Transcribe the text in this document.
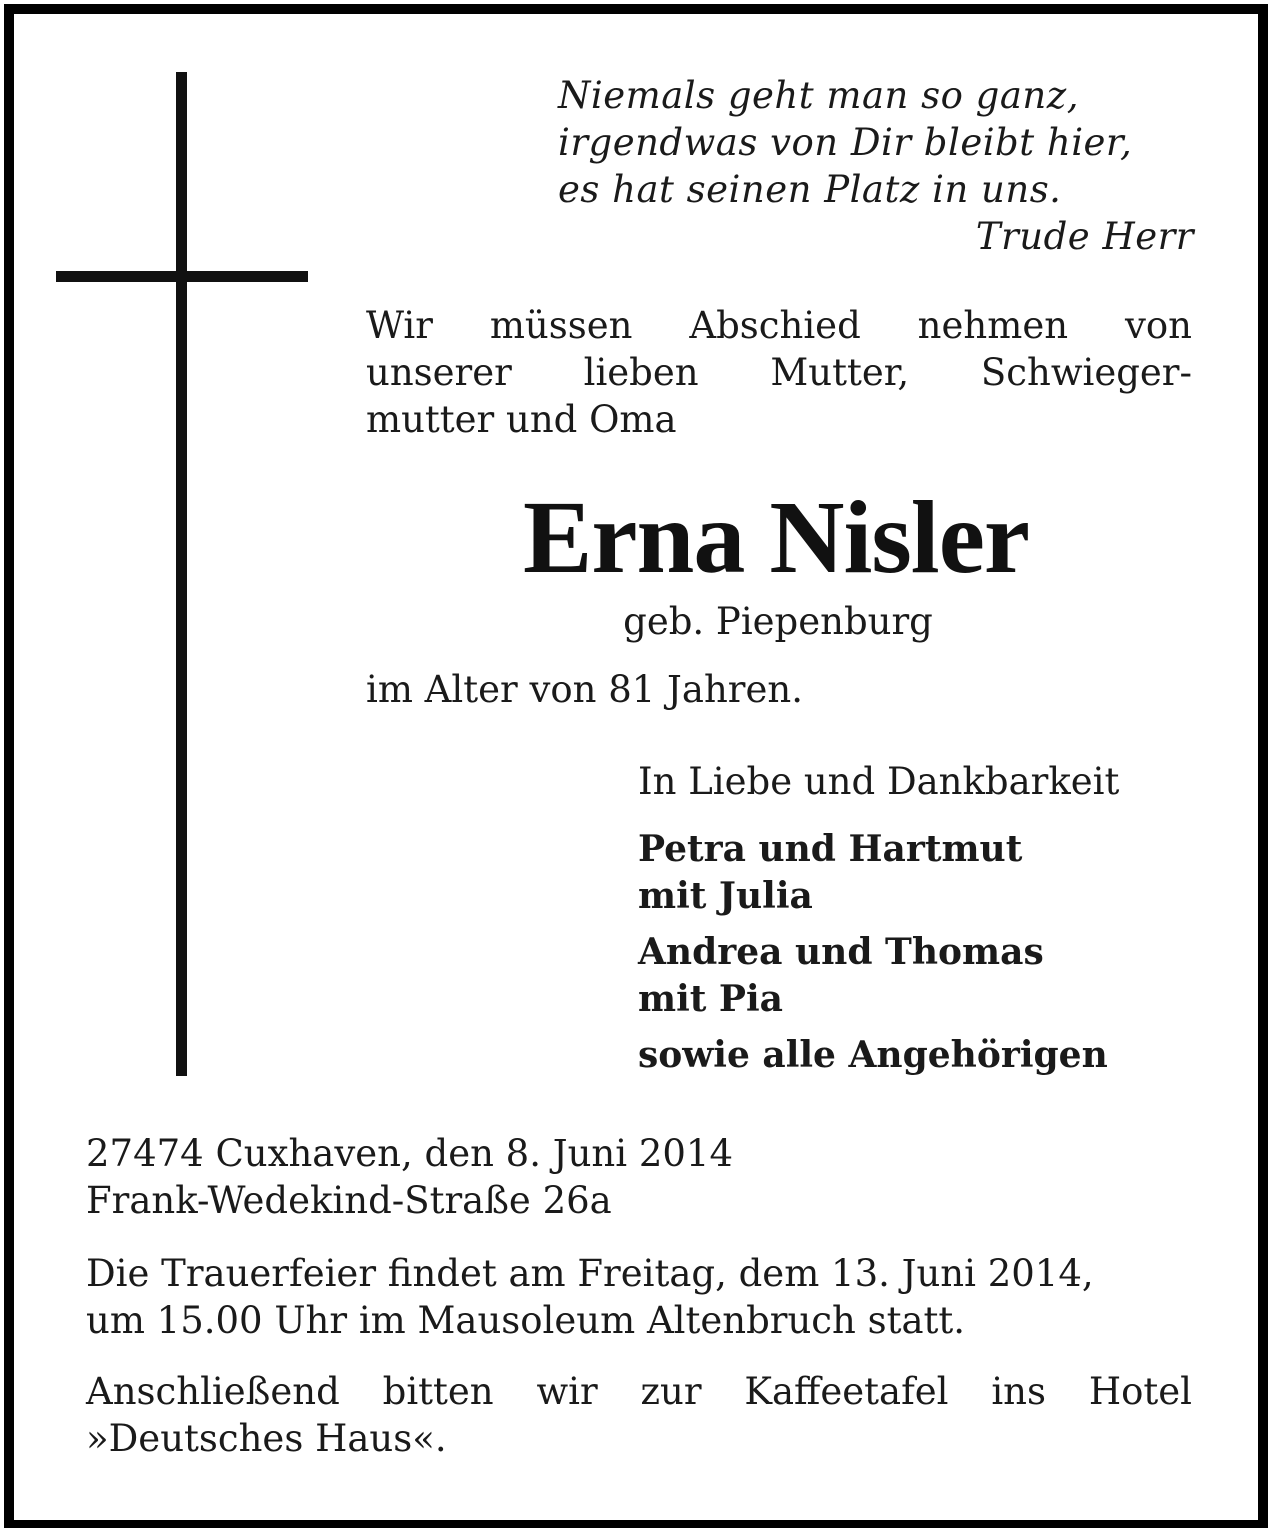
Niemals geht man so ganz,
irgendwas von Dir bleibt hier,
es hat seinen Platz in uns.
Trude Herr
Wir müssen Abschied nehmen von
unserer lieben Mutter, Schwieger-
mutter und Oma
Erna Nisler
geb. Piepenburg
im Alter von 81 Jahren.
In Liebe und Dankbarkeit
Petra und Hartmut
mit Julia
Andrea und Thomas
mit Pia
sowie alle Angehörigen
27474 Cuxhaven, den 8. Juni 2014
Frank-Wedekind-Straße 26a
Die Trauerfeier findet am Freitag, dem 13. Juni 2014,
um 15.00 Uhr im Mausoleum Altenbruch statt.
Anschließend bitten wir zur Kaffeetafel ins Hotel
»Deutsches Haus«.
